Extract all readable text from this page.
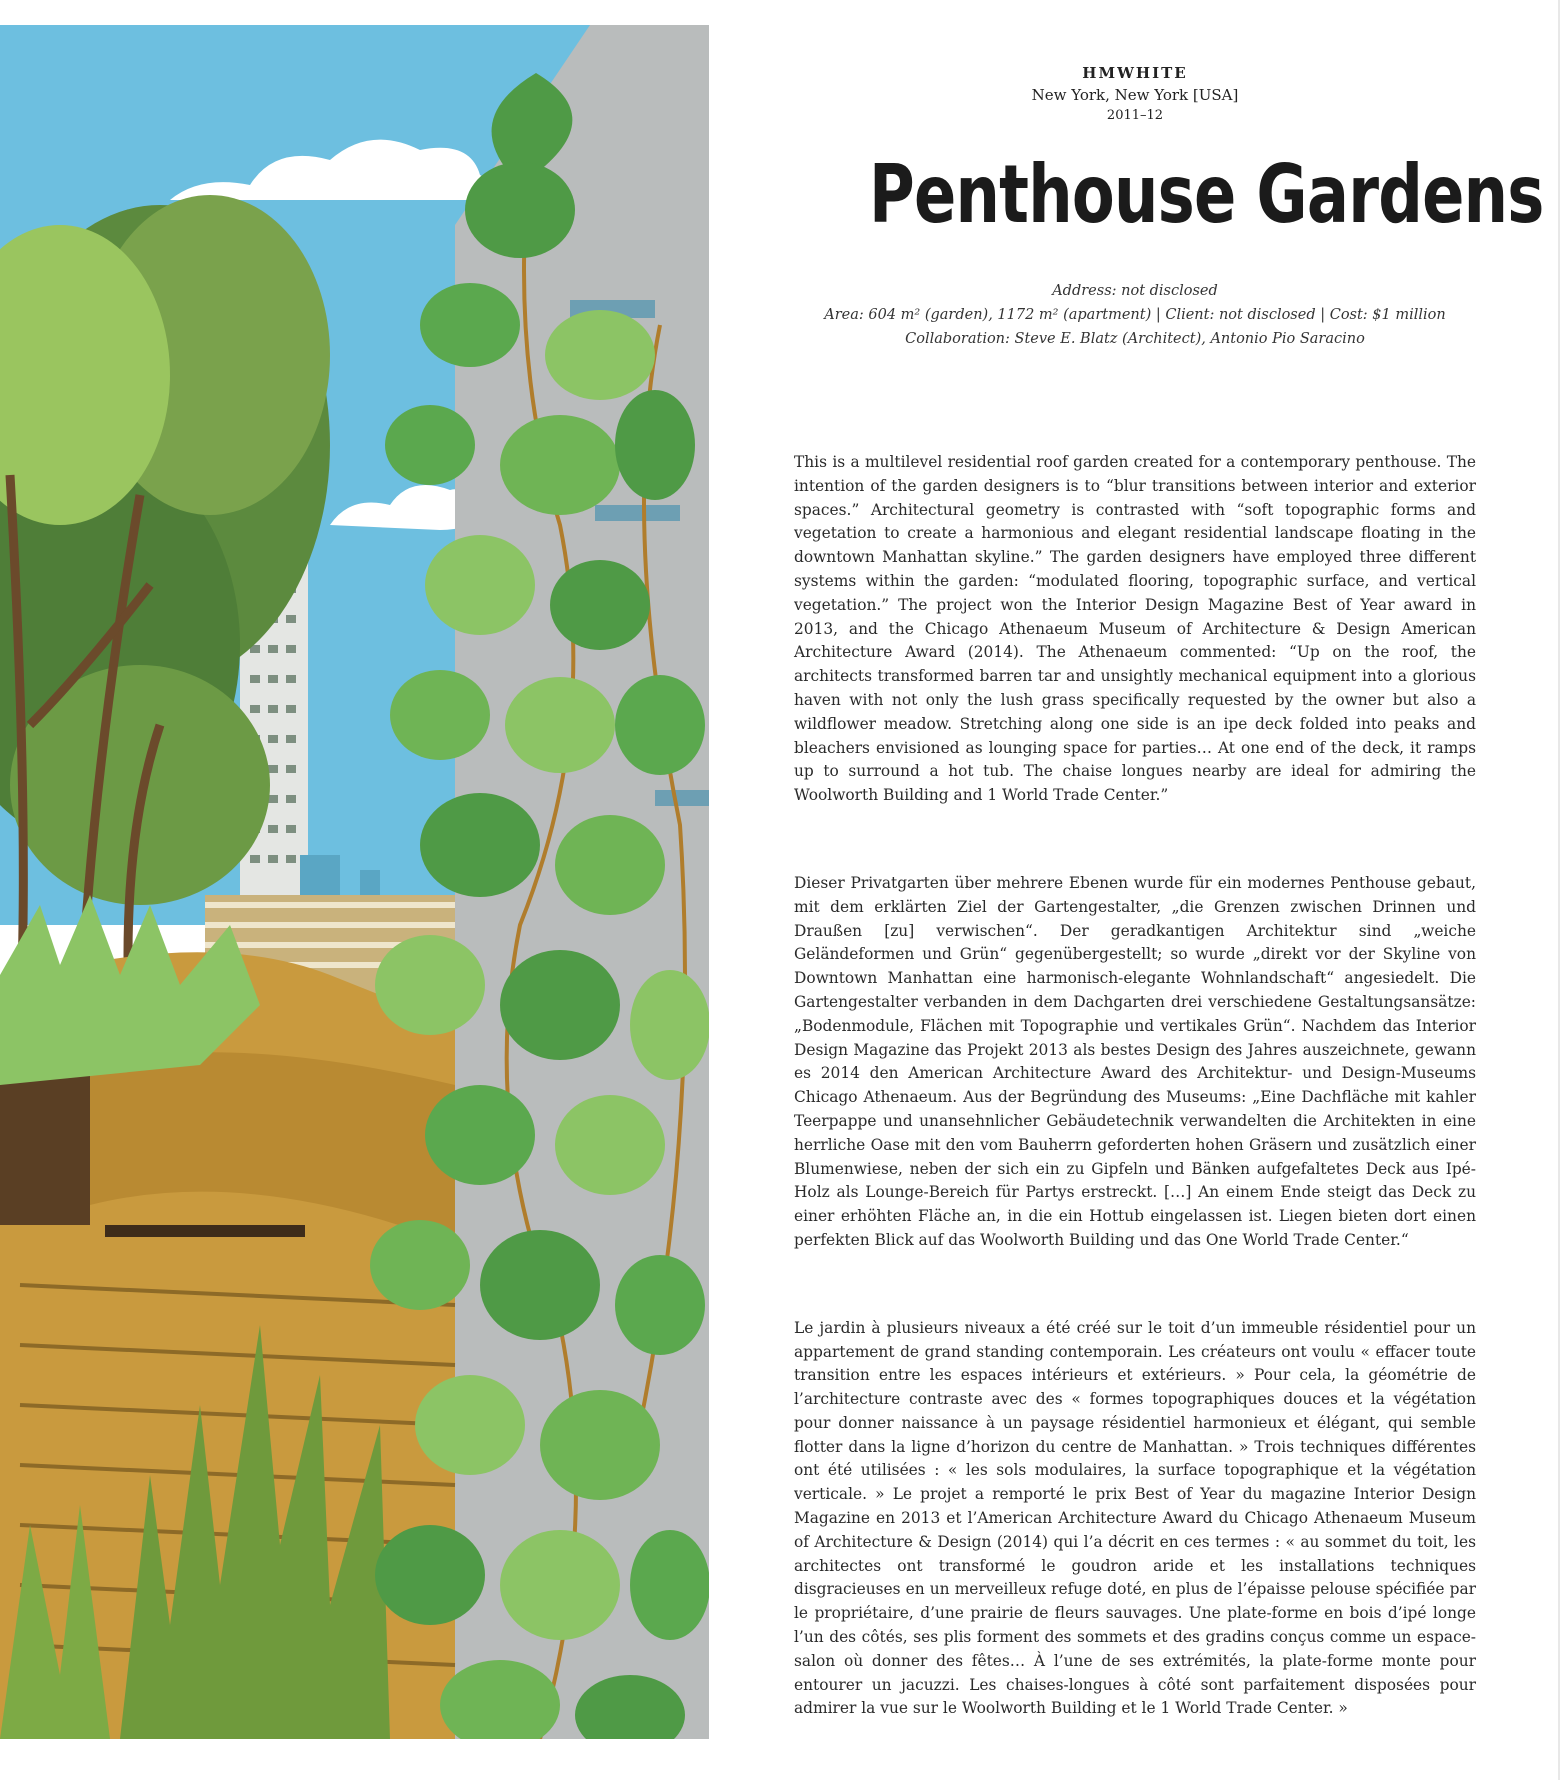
HMWHITE

New York, New York [USA]

2011–12

Penthouse Gardens
Address: not disclosed
Area: 604 m² (garden), 1172 m² (apartment) | Client: not disclosed | Cost: $1 million
Collaboration: Steve E. Blatz (Architect), Antonio Pio Saracino

This is a multilevel residential roof garden created for a contemporary penthouse. The intention of the garden designers is to “blur transitions between interior and exterior spaces.” Architectural geometry is contrasted with “soft topographic forms and vegetation to create a harmonious and elegant residential landscape floating in the downtown Manhattan skyline.” The garden designers have employed three different systems within the garden: “modulated flooring, topographic surface, and vertical vegetation.” The project won the Interior Design Magazine Best of Year award in 2013, and the Chicago Athenaeum Museum of Architecture & Design American Architecture Award (2014). The Athenaeum commented: “Up on the roof, the architects transformed barren tar and unsightly mechanical equipment into a glorious haven with not only the lush grass specifically requested by the owner but also a wildflower meadow. Stretching along one side is an ipe deck folded into peaks and bleachers envisioned as lounging space for parties… At one end of the deck, it ramps up to surround a hot tub. The chaise longues nearby are ideal for admiring the Woolworth Building and 1 World Trade Center.”

Dieser Privatgarten über mehrere Ebenen wurde für ein modernes Penthouse gebaut, mit dem erklärten Ziel der Gartengestalter, „die Grenzen zwischen Drinnen und Draußen [zu] verwischen“. Der geradkantigen Architektur sind „weiche Geländeformen und Grün“ gegenübergestellt; so wurde „direkt vor der Skyline von Downtown Manhattan eine harmonisch-elegante Wohnlandschaft“ angesiedelt. Die Gartengestalter verbanden in dem Dachgarten drei verschiedene Gestaltungsansätze: „Bodenmodule, Flächen mit Topographie und vertikales Grün“. Nachdem das Interior Design Magazine das Projekt 2013 als bestes Design des Jahres auszeichnete, gewann es 2014 den American Architecture Award des Architektur- und Design-Museums Chicago Athenaeum. Aus der Begründung des Museums: „Eine Dachfläche mit kahler Teerpappe und unansehnlicher Gebäudetechnik verwandelten die Architekten in eine herrliche Oase mit den vom Bauherrn geforderten hohen Gräsern und zusätzlich einer Blumenwiese, neben der sich ein zu Gipfeln und Bänken aufgefaltetes Deck aus Ipé-Holz als Lounge-Bereich für Partys erstreckt. […] An einem Ende steigt das Deck zu einer erhöhten Fläche an, in die ein Hottub eingelassen ist. Liegen bieten dort einen perfekten Blick auf das Woolworth Building und das One World Trade Center.“

Le jardin à plusieurs niveaux a été créé sur le toit d’un immeuble résidentiel pour un appartement de grand standing contemporain. Les créateurs ont voulu « effacer toute transition entre les espaces intérieurs et extérieurs. » Pour cela, la géométrie de l’architecture contraste avec des « formes topographiques douces et la végétation pour donner naissance à un paysage résidentiel harmonieux et élégant, qui semble flotter dans la ligne d’horizon du centre de Manhattan. » Trois techniques différentes ont été utilisées : « les sols modulaires, la surface topographique et la végétation verticale. » Le projet a remporté le prix Best of Year du magazine Interior Design Magazine en 2013 et l’American Architecture Award du Chicago Athenaeum Museum of Architecture & Design (2014) qui l’a décrit en ces termes : « au sommet du toit, les architectes ont transformé le goudron aride et les installations techniques disgracieuses en un merveilleux refuge doté, en plus de l’épaisse pelouse spécifiée par le propriétaire, d’une prairie de fleurs sauvages. Une plate-forme en bois d’ipé longe l’un des côtés, ses plis forment des sommets et des gradins conçus comme un espace-salon où donner des fêtes… À l’une de ses extrémités, la plate-forme monte pour entourer un jacuzzi. Les chaises-longues à côté sont parfaitement disposées pour admirer la vue sur le Woolworth Building et le 1 World Trade Center. »
